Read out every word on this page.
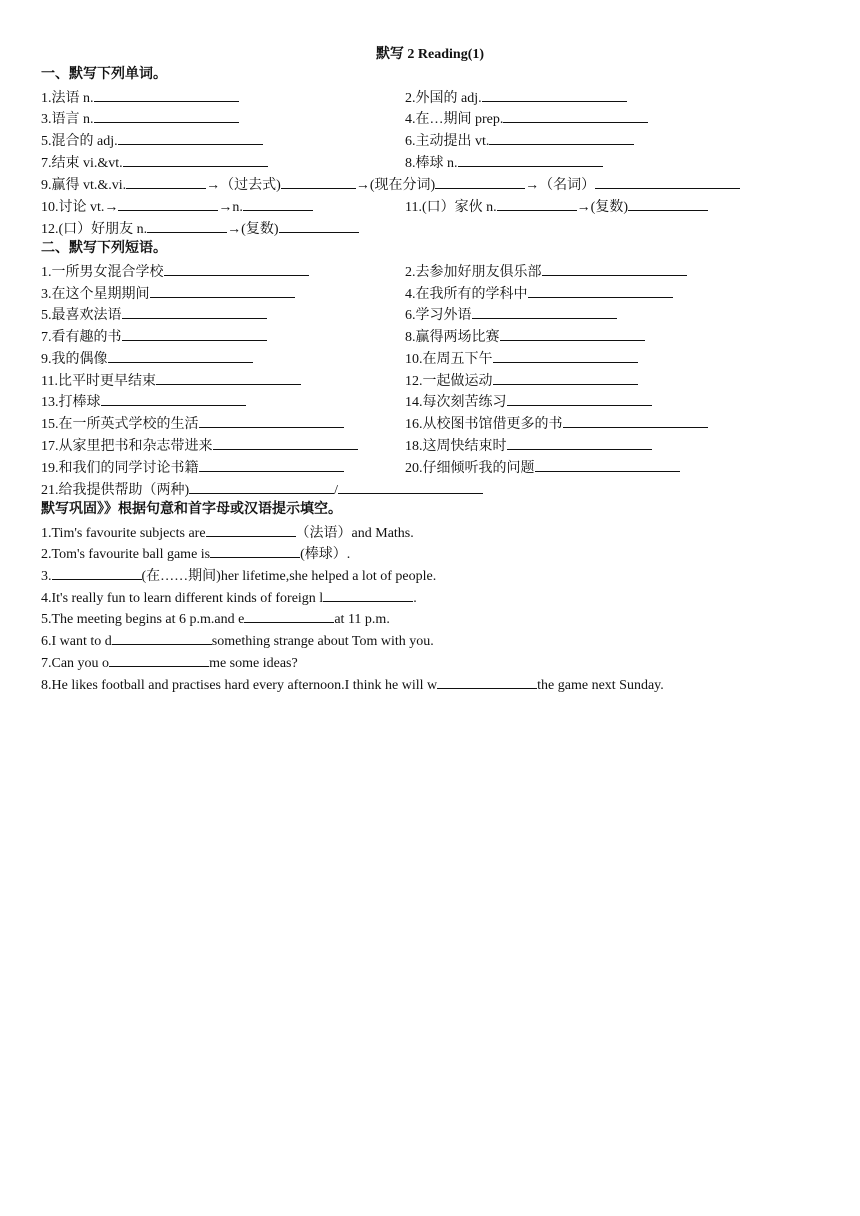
默写 2 Reading(1)
一、默写下列单词。
1.法语 n.	2.外国的 adj.
3.语言 n.	4.在…期间 prep.
5.混合的 adj.	6.主动提出 vt.
7.结束 vi.&vt.	8.棒球 n.
9.赢得 vt.&.vi.	→（过去式)	→(现在分词)	→（名词）
10.讨论 vt.→	→n.	11.(口）家伙 n.	→(复数)
12.(口）好朋友 n.	→(复数)
二、默写下列短语。
1.一所男女混合学校	2.去参加好朋友俱乐部
3.在这个星期期间	4.在我所有的学科中
5.最喜欢法语	6.学习外语
7.看有趣的书	8.赢得两场比赛
9.我的偶像	10.在周五下午
11.比平时更早结束	12.一起做运动
13.打棒球	14.每次刻苦练习
15.在一所英式学校的生活	16.从校图书馆借更多的书
17.从家里把书和杂志带进来	18.这周快结束时
19.和我们的同学讨论书籍	20.仔细倾听我的问题
21.给我提供帮助（两种)	/
默写巩固》》根据句意和首字母或汉语提示填空。
1.Tim's favourite subjects are	（法语）and Maths.
2.Tom's favourite ball game is	(棒球）.
3.	(在……期间)her lifetime,she helped a lot of people.
4.It's really fun to learn different kinds of foreign l	.
5.The meeting begins at 6 p.m.and e	at 11 p.m.
6.I want to d	something strange about Tom with you.
7.Can you o	me some ideas?
8.He likes football and practises hard every afternoon.I think he will w	the game next Sunday.
